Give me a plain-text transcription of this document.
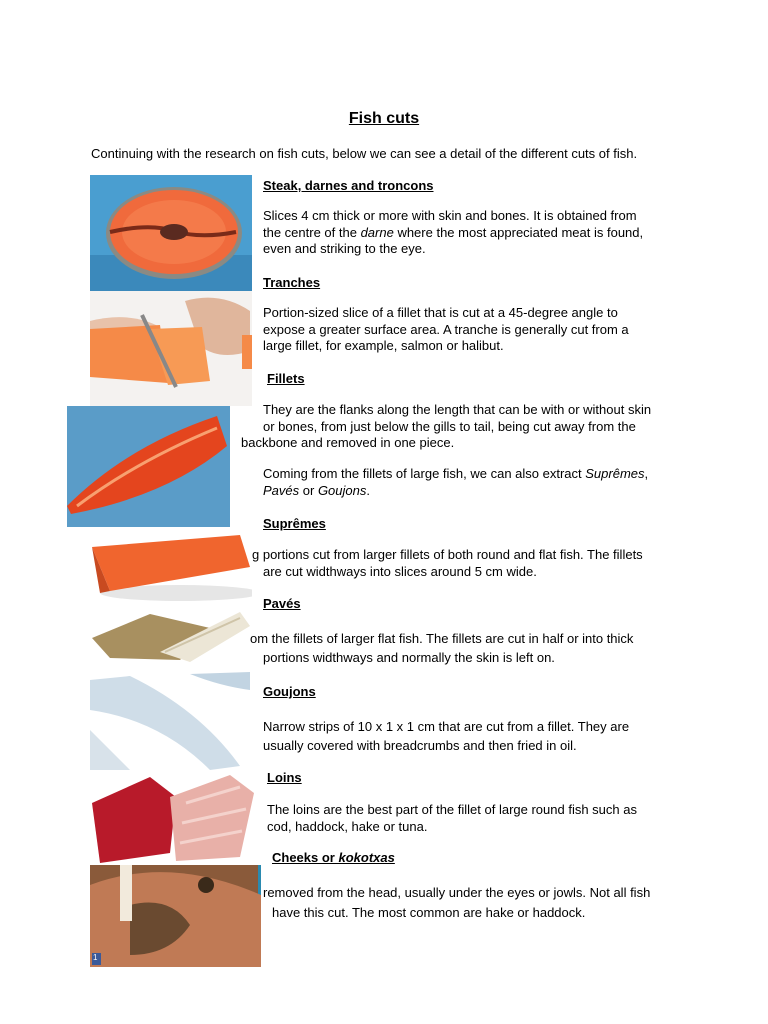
Fish cuts
Continuing with the research on fish cuts, below we can see a detail of the different cuts of fish.
1
Steak, darnes and troncons
Slices 4 cm thick or more with skin and bones. It is obtained from
the centre of the darne where the most appreciated meat is found,
even and striking to the eye.
Tranches
Portion-sized slice of a fillet that is cut at a 45-degree angle to
expose a greater surface area. A tranche is generally cut from a
large fillet, for example, salmon or halibut.
Fillets
They are the flanks along the length that can be with or without skin
or bones, from just below the gills to tail, being cut away from the
backbone and removed in one piece.
Coming from the fillets of large fish, we can also extract Suprêmes,
Pavés or Goujons.
Suprêmes
g portions cut from larger fillets of both round and flat fish. The fillets
are cut widthways into slices around 5 cm wide.
Pavés
om the fillets of larger flat fish. The fillets are cut in half or into thick
portions widthways and normally the skin is left on.
Goujons
Narrow strips of 10 x 1 x 1 cm that are cut from a fillet. They are
usually covered with breadcrumbs and then fried in oil.
Loins
The loins are the best part of the fillet of large round fish such as
cod, haddock, hake or tuna.
Cheeks or kokotxas
removed from the head, usually under the eyes or jowls. Not all fish
have this cut. The most common are hake or haddock.
